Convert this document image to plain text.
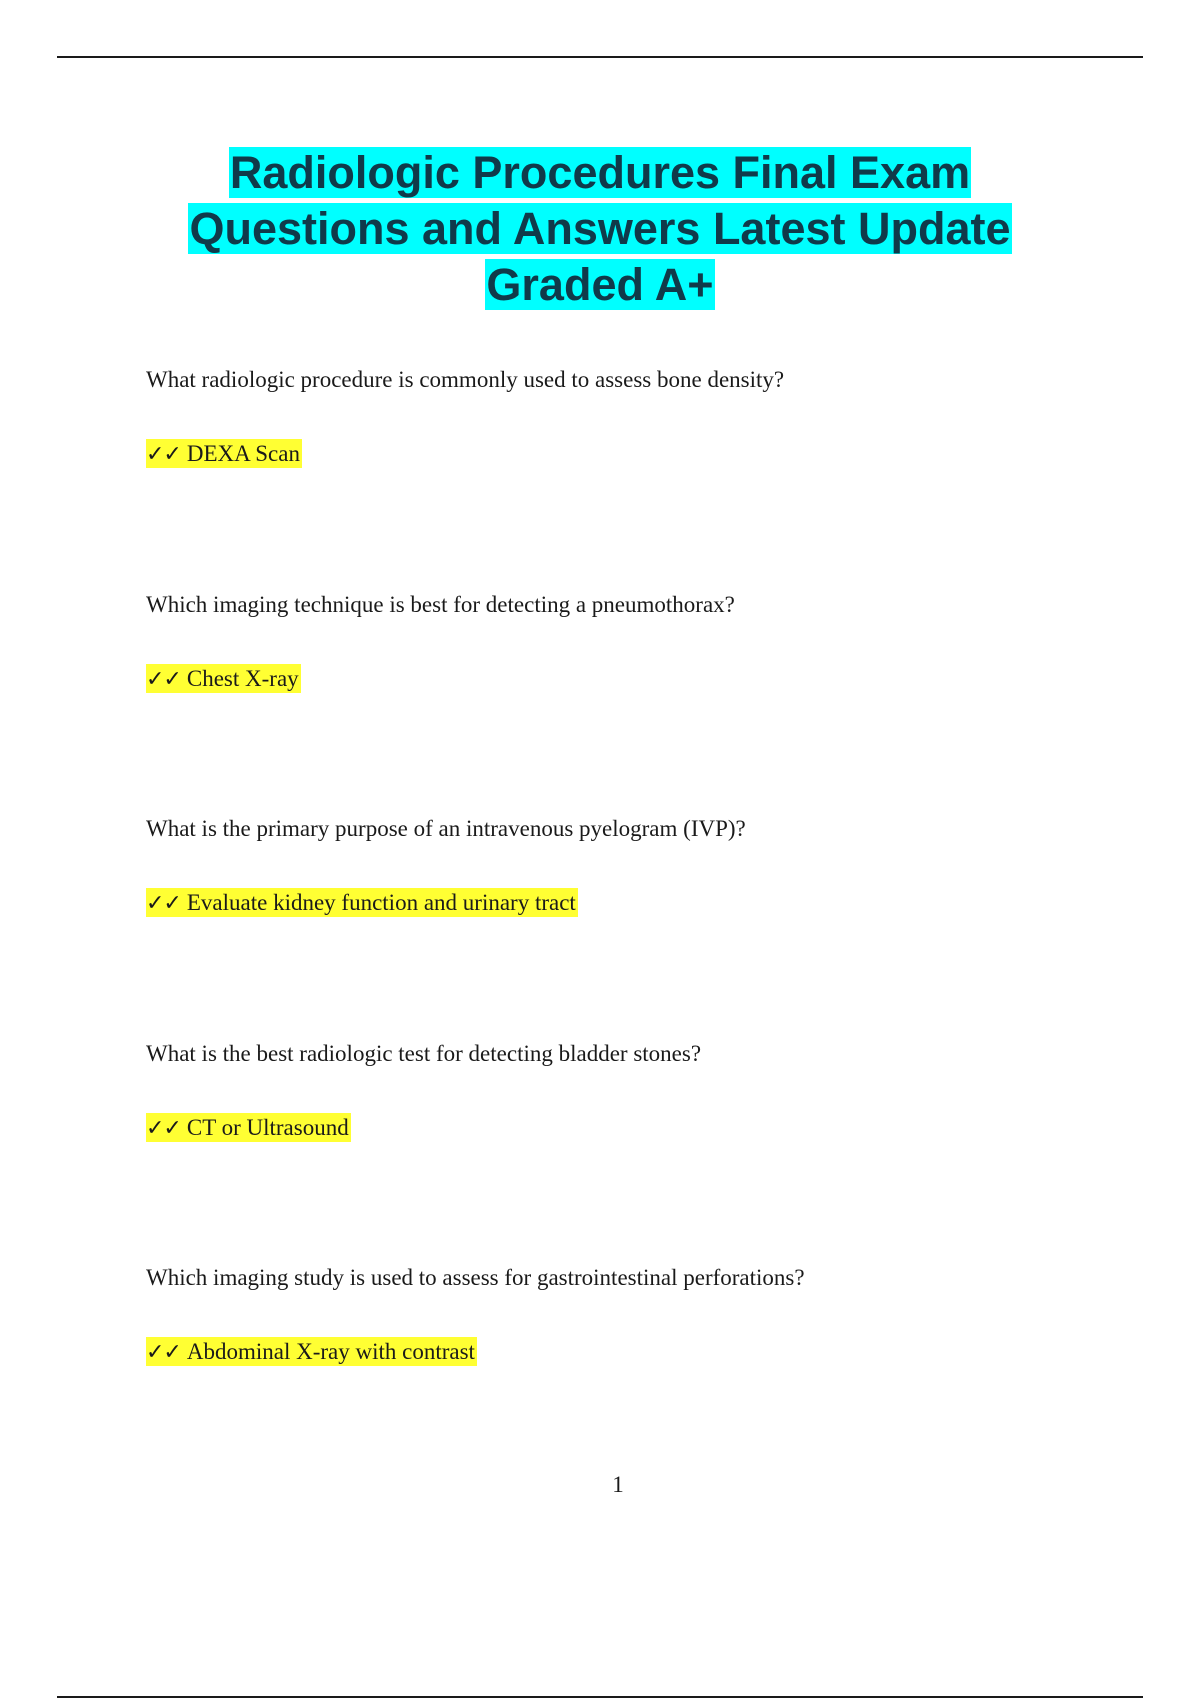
Radiologic Procedures Final Exam
Questions and Answers Latest Update
Graded A+

What radiologic procedure is commonly used to assess bone density?

✓✓ DEXA Scan

Which imaging technique is best for detecting a pneumothorax?

✓✓ Chest X-ray

What is the primary purpose of an intravenous pyelogram (IVP)?

✓✓ Evaluate kidney function and urinary tract

What is the best radiologic test for detecting bladder stones?

✓✓ CT or Ultrasound

Which imaging study is used to assess for gastrointestinal perforations?

✓✓ Abdominal X-ray with contrast

1
